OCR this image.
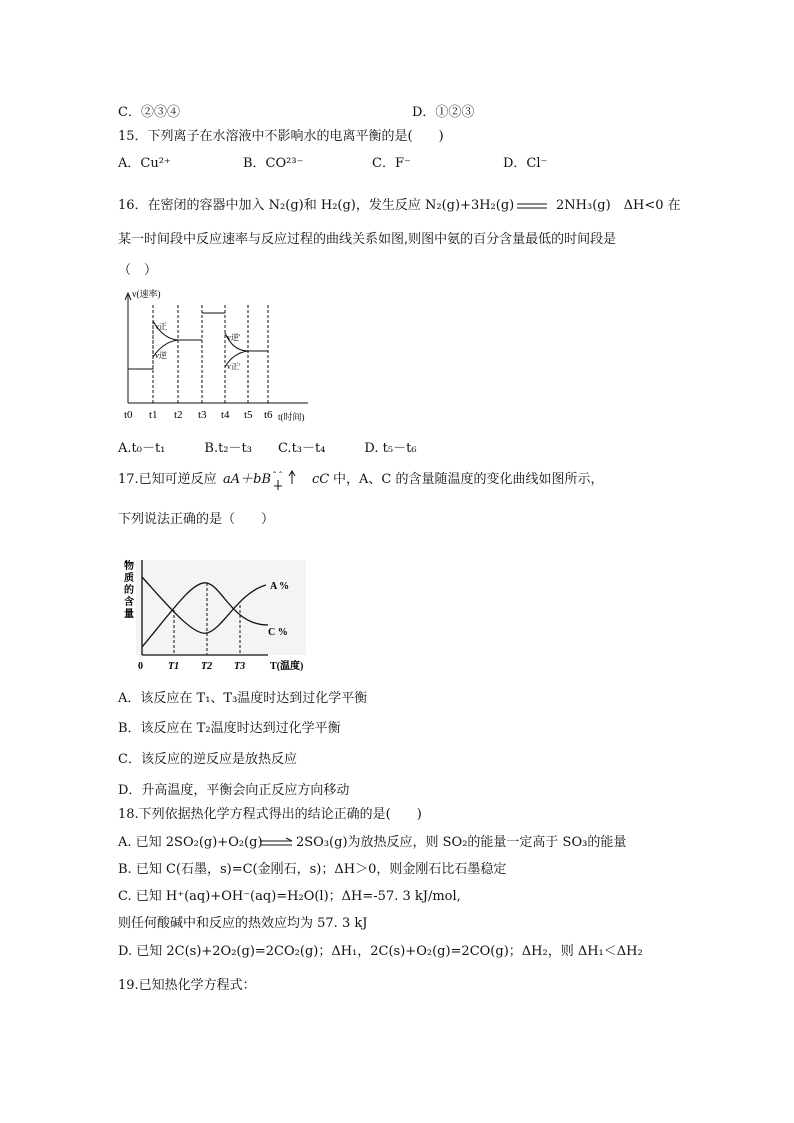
C．②③④	D．①②③
15．下列离子在水溶液中不影响水的电离平衡的是(　　)
A．Cu²⁺	B．CO²³⁻	C．F⁻	D．Cl⁻
16．在密闭的容器中加入 N₂(g)和 H₂(g)，发生反应 N₂(g)+3H₂(g)	2NH₃(g)　ΔH<0 在
某一时间段中反应速率与反应过程的曲线关系如图,则图中氨的百分含量最低的时间段是
（　）
v(速率)
t(时间)
t0 t1 t2 t3 t4 t5 t6
v正
v逆
v逆'
v正'
A.t₀－t₁　　　B.t₂－t₃　　C.t₃－t₄　　　D. t₅－t₆
17.已知可逆反应 aA＋bB ˆ ˆ cC 中，A、C 的含量随温度的变化曲线如图所示，
下列说法正确的是（　　）
物
质
的
含
量
A %
C %
T1 T2 T3
0	T(温度)
A．该反应在 T₁、T₃温度时达到过化学平衡
B．该反应在 T₂温度时达到过化学平衡
C．该反应的逆反应是放热反应
D．升高温度，平衡会向正反应方向移动
18.下列依据热化学方程式得出的结论正确的是(　　)
A. 已知 2SO₂(g)+O₂(g)	2SO₃(g)为放热反应，则 SO₂的能量一定高于 SO₃的能量
B. 已知 C(石墨，s)=C(金刚石，s)；ΔH＞0，则金刚石比石墨稳定
C. 已知 H⁺(aq)+OH⁻(aq)=H₂O(l)；ΔH=-57. 3 kJ/mol,
则任何酸碱中和反应的热效应均为 57. 3 kJ
D. 已知 2C(s)+2O₂(g)=2CO₂(g)；ΔH₁，2C(s)+O₂(g)=2CO(g)；ΔH₂，则 ΔH₁＜ΔH₂
19.已知热化学方程式：
